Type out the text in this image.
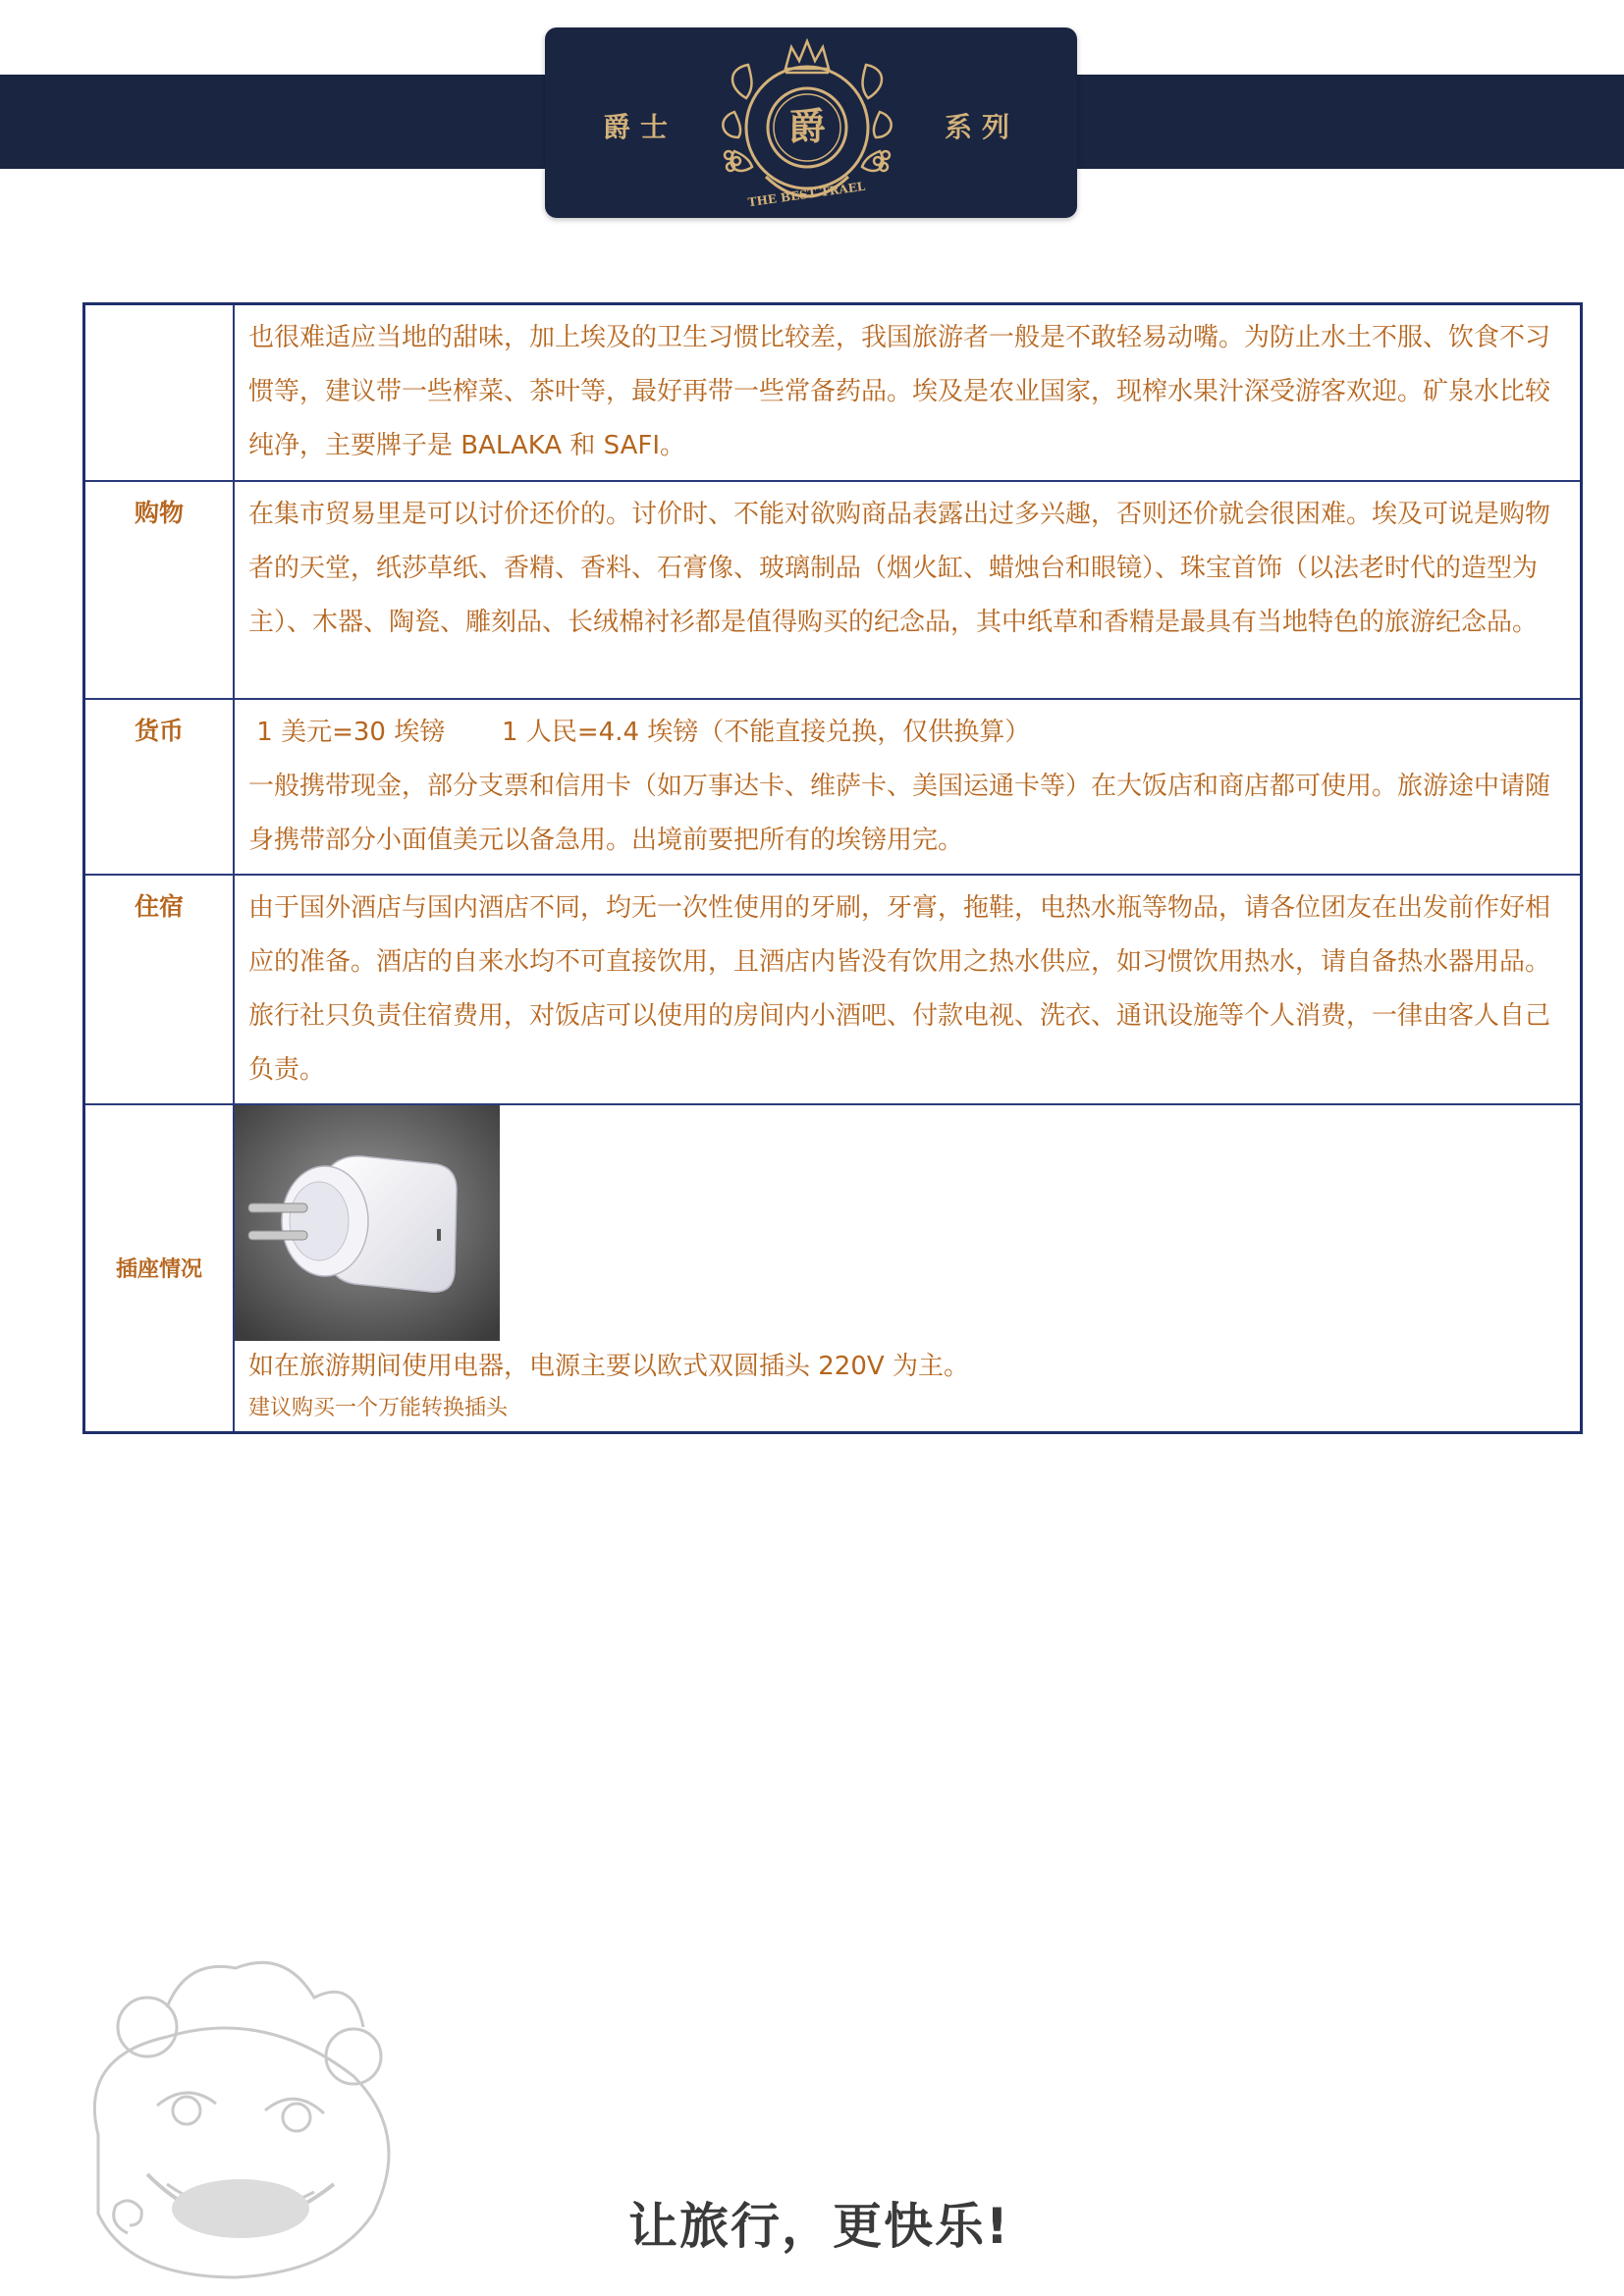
爵士	系列
爵
THE BEST TRAEL

	也很难适应当地的甜味，加上埃及的卫生习惯比较差，我国旅游者一般是不敢轻易动嘴。为防止水土不服、饮食不习惯等，建议带一些榨菜、茶叶等，最好再带一些常备药品。埃及是农业国家，现榨水果汁深受游客欢迎。矿泉水比较纯净，主要牌子是 BALAKA 和 SAFI。

购物	在集市贸易里是可以讨价还价的。讨价时、不能对欲购商品表露出过多兴趣，否则还价就会很困难。埃及可说是购物者的天堂，纸莎草纸、香精、香料、石膏像、玻璃制品（烟火缸、蜡烛台和眼镜）、珠宝首饰（以法老时代的造型为主）、木器、陶瓷、雕刻品、长绒棉衬衫都是值得购买的纪念品，其中纸草和香精是最具有当地特色的旅游纪念品。

货币	1 美元=30 埃镑       1 人民=4.4 埃镑（不能直接兑换，仅供换算）

一般携带现金，部分支票和信用卡（如万事达卡、维萨卡、美国运通卡等）在大饭店和商店都可使用。旅游途中请随身携带部分小面值美元以备急用。出境前要把所有的埃镑用完。

住宿	由于国外酒店与国内酒店不同，均无一次性使用的牙刷，牙膏，拖鞋，电热水瓶等物品，请各位团友在出发前作好相应的准备。酒店的自来水均不可直接饮用，且酒店内皆没有饮用之热水供应，如习惯饮用热水，请自备热水器用品。旅行社只负责住宿费用，对饭店可以使用的房间内小酒吧、付款电视、洗衣、通讯设施等个人消费，一律由客人自己负责。

插座情况	如在旅游期间使用电器，电源主要以欧式双圆插头 220V 为主。

建议购买一个万能转换插头

让旅行，更快乐!
